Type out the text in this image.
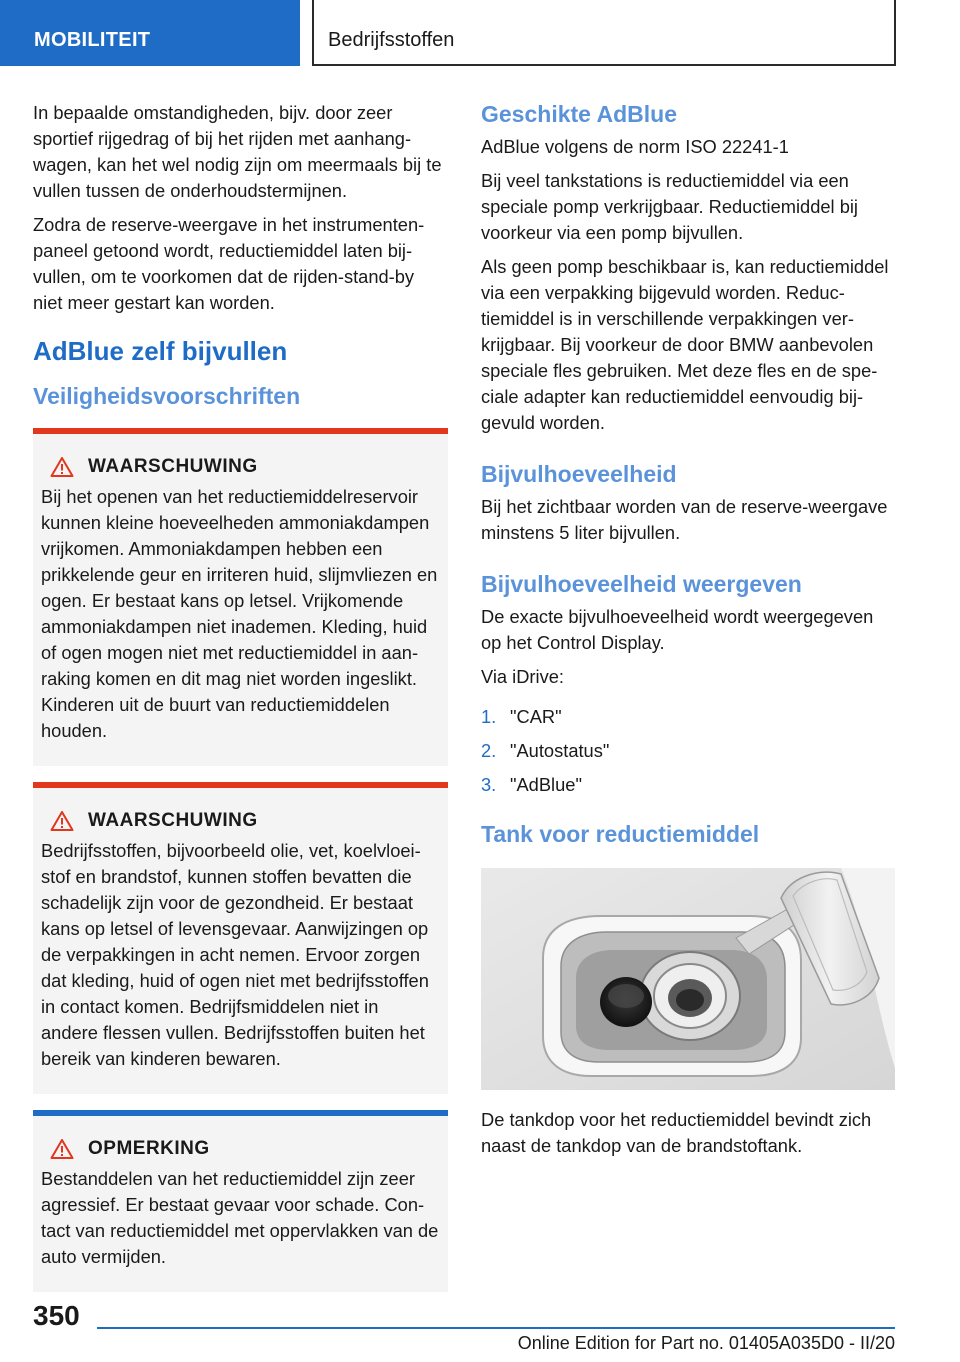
MOBILITEIT	Bedrijfsstoffen

In bepaalde omstandigheden, bijv. door zeer sportief rijgedrag of bij het rijden met aanhangwagen, kan het wel nodig zijn om meermaals bij te vullen tussen de onderhoudstermijnen.

Zodra de reserve-weergave in het instrumentenpaneel getoond wordt, reductiemiddel laten bijvullen, om te voorkomen dat de rijden-stand-by niet meer gestart kan worden.

AdBlue zelf bijvullen
Veiligheidsvoorschriften
WAARSCHUWING

Bij het openen van het reductiemiddelreservoir kunnen kleine hoeveelheden ammoniakdampen vrijkomen. Ammoniakdampen hebben een prikkelende geur en irriteren huid, slijmvliezen en ogen. Er bestaat kans op letsel. Vrijkomende ammoniakdampen niet inademen. Kleding, huid of ogen mogen niet met reductiemiddel in aanraking komen en dit mag niet worden ingeslikt. Kinderen uit de buurt van reductiemiddelen houden.

WAARSCHUWING

Bedrijfsstoffen, bijvoorbeeld olie, vet, koelvloeistof en brandstof, kunnen stoffen bevatten die schadelijk zijn voor de gezondheid. Er bestaat kans op letsel of levensgevaar. Aanwijzingen op de verpakkingen in acht nemen. Ervoor zorgen dat kleding, huid of ogen niet met bedrijfsstoffen in contact komen. Bedrijfsmiddelen niet in andere flessen vullen. Bedrijfsstoffen buiten het bereik van kinderen bewaren.

OPMERKING

Bestanddelen van het reductiemiddel zijn zeer agressief. Er bestaat gevaar voor schade. Contact van reductiemiddel met oppervlakken van de auto vermijden.

Geschikte AdBlue

AdBlue volgens de norm ISO 22241-1

Bij veel tankstations is reductiemiddel via een speciale pomp verkrijgbaar. Reductiemiddel bij voorkeur via een pomp bijvullen.

Als geen pomp beschikbaar is, kan reductiemiddel via een verpakking bijgevuld worden. Reductiemiddel is in verschillende verpakkingen verkrijgbaar. Bij voorkeur de door BMW aanbevolen speciale fles gebruiken. Met deze fles en de speciale adapter kan reductiemiddel eenvoudig bijgevuld worden.

Bijvulhoeveelheid

Bij het zichtbaar worden van de reserve-weergave minstens 5 liter bijvullen.

Bijvulhoeveelheid weergeven

De exacte bijvulhoeveelheid wordt weergegeven op het Control Display.

Via iDrive:

1. "CAR"
2. "Autostatus"
3. "AdBlue"
Tank voor reductiemiddel

De tankdop voor het reductiemiddel bevindt zich naast de tankdop van de brandstoftank.

350
Online Edition for Part no. 01405A035D0 - II/20
